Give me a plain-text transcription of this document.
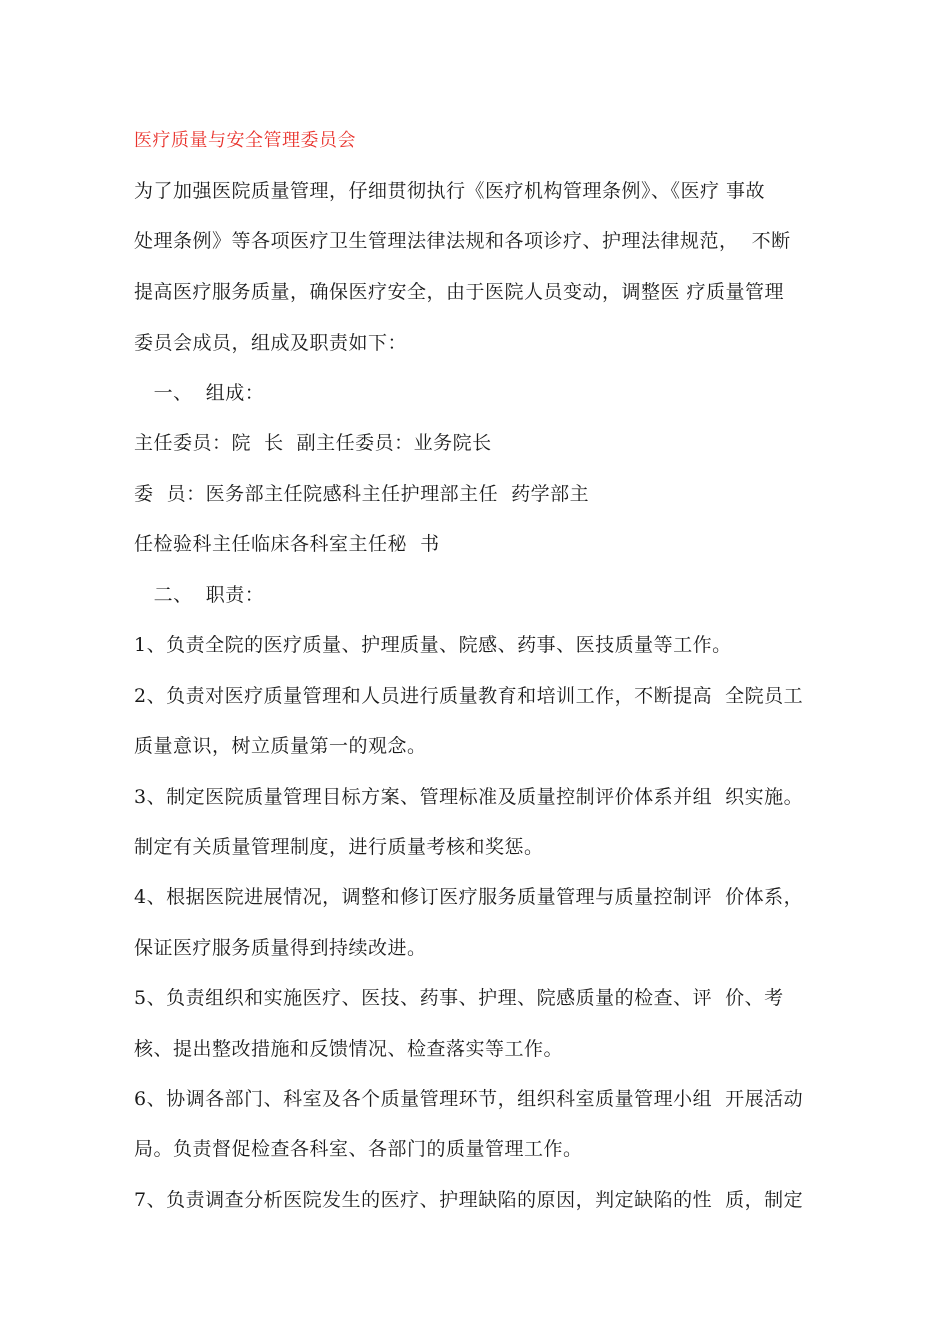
医疗质量与安全管理委员会
为了加强医院质量管理，仔细贯彻执行《医疗机构管理条例》、《医疗 事故
处理条例》等各项医疗卫生管理法律法规和各项诊疗、护理法律规范，  不断
提高医疗服务质量，确保医疗安全，由于医院人员变动，调整医 疗质量管理
委员会成员，组成及职责如下：
一、  组成：
主任委员：院  长  副主任委员：业务院长
委  员：医务部主任院感科主任护理部主任  药学部主
任检验科主任临床各科室主任秘  书
二、  职责：
1、负责全院的医疗质量、护理质量、院感、药事、医技质量等工作。
2、负责对医疗质量管理和人员进行质量教育和培训工作，不断提高  全院员工
质量意识，树立质量第一的观念。
3、制定医院质量管理目标方案、管理标准及质量控制评价体系并组  织实施。
制定有关质量管理制度，进行质量考核和奖惩。
4、根据医院进展情况，调整和修订医疗服务质量管理与质量控制评  价体系，
保证医疗服务质量得到持续改进。
5、负责组织和实施医疗、医技、药事、护理、院感质量的检查、评  价、考
核、提出整改措施和反馈情况、检查落实等工作。
6、协调各部门、科室及各个质量管理环节，组织科室质量管理小组  开展活动
局。负责督促检查各科室、各部门的质量管理工作。
7、负责调查分析医院发生的医疗、护理缺陷的原因，判定缺陷的性  质，制定
